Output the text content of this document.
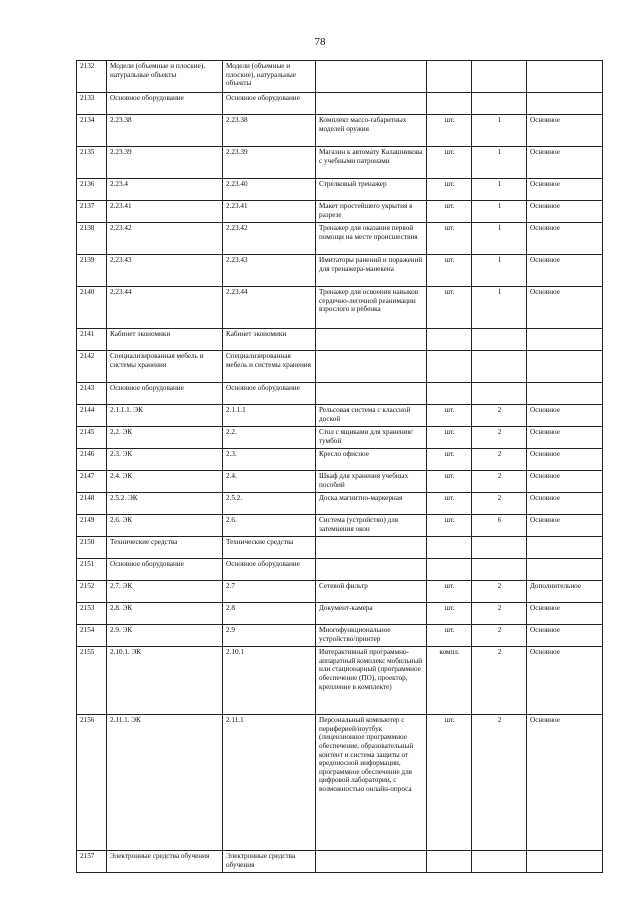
78
2132	Модели (объемные и плоские), натуральные объекты	Модели (объемные и плоские), натуральные объекты				
2133	Основное оборудование	Основное оборудование				
2134	2.23.38	2.23.38	Комплект массо-габаритных моделей оружия	шт.	1	Основное
2135	2.23.39	2.23.39	Магазин к автомату Калашникова с учебными патронами	шт.	1	Основное
2136	2.23.4	2.23.40	Стрелковый тренажер	шт.	1	Основное
2137	2.23.41	2.23.41	Макет простейшего укрытия в разрезе	шт.	1	Основное
2138	2.23.42	2.23.42	Тренажер для оказания первой помощи на месте происшествия	шт.	1	Основное
2139	2.23.43	2.23.43	Имитаторы ранений и поражений для тренажера-манекена	шт.	1	Основное
2140	2.23.44	2.23.44	Тренажер для освоения навыков сердечно-легочной реанимации взрослого и ребенка	шт.	1	Основное
2141	Кабинет экономики	Кабинет экономики				
2142	Специализированная мебель и системы хранения	Специализированная мебель и системы хранения				
2143	Основное оборудование	Основное оборудование				
2144	2.1.1.1. ЭК	2.1.1.1	Рельсовая система с классной доской	шт.	2	Основное
2145	2.2. ЭК	2.2.	Стол с ящиками для хранения/тумбой	шт.	2	Основное
2146	2.3. ЭК	2.3.	Кресло офисное	шт.	2	Основное
2147	2.4. ЭК	2.4.	Шкаф для хранения учебных пособий	шт.	2	Основное
2148	2.5.2. ЭК	2.5.2.	Доска магнитно-маркерная	шт.	2	Основное
2149	2.6. ЭК	2.6.	Система (устройство) для затемнения окон	шт.	6	Основное
2150	Технические средства	Технические средства				
2151	Основное оборудование	Основное оборудование				
2152	2.7. ЭК	2.7	Сетевой фильтр	шт.	2	Дополнительное
2153	2.8. ЭК	2.8	Документ-камера	шт.	2	Основное
2154	2.9. ЭК	2.9	Многофункциональное устройство/принтер	шт.	2	Основное
2155	2.10.1. ЭК	2.10.1	Интерактивный программно-аппаратный комплекс мобильный или стационарный (программное обеспечение (ПО), проектор, крепление в комплекте)	компл.	2	Основное
2156	2.11.1. ЭК	2.11.1	Персональный компьютер с периферией/ноутбук (лицензионное программное обеспечение, образовательный контент и система защиты от вредоносной информации, программное обеспечение для цифровой лаборатории, с возможностью онлайн-опроса	шт.	2	Основное
2157	Электронные средства обучения	Электронные средства обучения				
